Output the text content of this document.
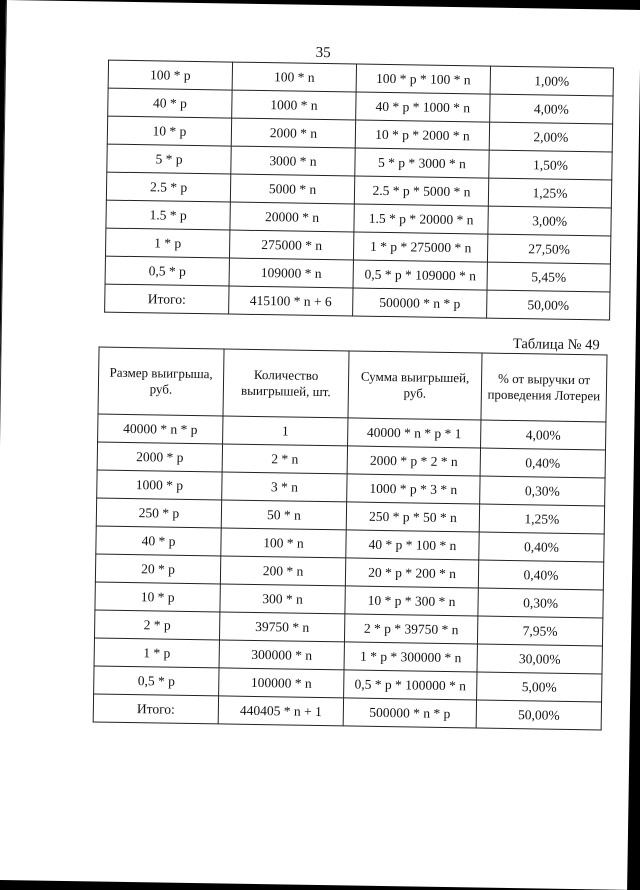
35
100 * p	100 * n	100 * p * 100 * n	1,00%
40 * p	1000 * n	40 * p * 1000 * n	4,00%
10 * p	2000 * n	10 * p * 2000 * n	2,00%
5 * p	3000 * n	5 * p * 3000 * n	1,50%
2.5 * p	5000 * n	2.5 * p * 5000 * n	1,25%
1.5 * p	20000 * n	1.5 * p * 20000 * n	3,00%
1 * p	275000 * n	1 * p * 275000 * n	27,50%
0,5 * p	109000 * n	0,5 * p * 109000 * n	5,45%
Итого:	415100 * n + 6	500000 * n * p	50,00%
Таблица № 49
Размер выигрыша, руб.	Количество выигрышей, шт.	Сумма выигрышей, руб.	% от выручки от проведения Лотереи
40000 * n * p	1	40000 * n * p * 1	4,00%
2000 * p	2 * n	2000 * p * 2 * n	0,40%
1000 * p	3 * n	1000 * p * 3 * n	0,30%
250 * p	50 * n	250 * p * 50 * n	1,25%
40 * p	100 * n	40 * p * 100 * n	0,40%
20 * p	200 * n	20 * p * 200 * n	0,40%
10 * p	300 * n	10 * p * 300 * n	0,30%
2 * p	39750 * n	2 * p * 39750 * n	7,95%
1 * p	300000 * n	1 * p * 300000 * n	30,00%
0,5 * p	100000 * n	0,5 * p * 100000 * n	5,00%
Итого:	440405 * n + 1	500000 * n * p	50,00%
